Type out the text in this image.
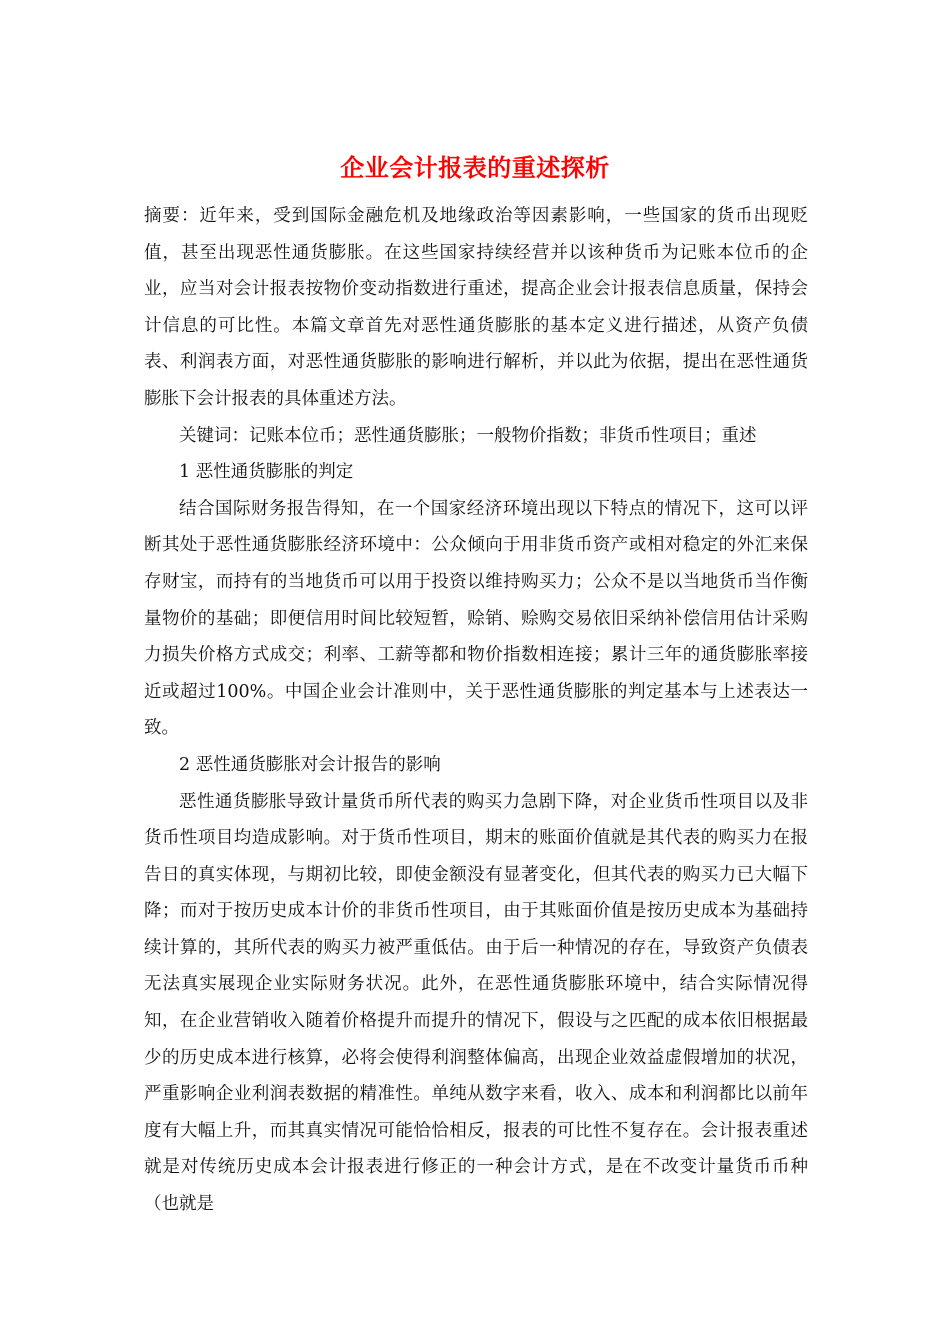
企业会计报表的重述探析

摘要：近年来，受到国际金融危机及地缘政治等因素影响，一些国家的货币出现贬值，甚至出现恶性通货膨胀。在这些国家持续经营并以该种货币为记账本位币的企业，应当对会计报表按物价变动指数进行重述，提高企业会计报表信息质量，保持会计信息的可比性。本篇文章首先对恶性通货膨胀的基本定义进行描述，从资产负债表、利润表方面，对恶性通货膨胀的影响进行解析，并以此为依据，提出在恶性通货膨胀下会计报表的具体重述方法。

关键词：记账本位币；恶性通货膨胀；一般物价指数；非货币性项目；重述

1 恶性通货膨胀的判定

结合国际财务报告得知，在一个国家经济环境出现以下特点的情况下，这可以评断其处于恶性通货膨胀经济环境中：公众倾向于用非货币资产或相对稳定的外汇来保存财宝，而持有的当地货币可以用于投资以维持购买力；公众不是以当地货币当作衡量物价的基础；即便信用时间比较短暂，赊销、赊购交易依旧采纳补偿信用估计采购力损失价格方式成交；利率、工薪等都和物价指数相连接；累计三年的通货膨胀率接近或超过100%。中国企业会计准则中，关于恶性通货膨胀的判定基本与上述表达一致。

2 恶性通货膨胀对会计报告的影响

恶性通货膨胀导致计量货币所代表的购买力急剧下降，对企业货币性项目以及非货币性项目均造成影响。对于货币性项目，期末的账面价值就是其代表的购买力在报告日的真实体现，与期初比较，即使金额没有显著变化，但其代表的购买力已大幅下降；而对于按历史成本计价的非货币性项目，由于其账面价值是按历史成本为基础持续计算的，其所代表的购买力被严重低估。由于后一种情况的存在，导致资产负债表无法真实展现企业实际财务状况。此外，在恶性通货膨胀环境中，结合实际情况得知，在企业营销收入随着价格提升而提升的情况下，假设与之匹配的成本依旧根据最少的历史成本进行核算，必将会使得利润整体偏高，出现企业效益虚假增加的状况，严重影响企业利润表数据的精准性。单纯从数字来看，收入、成本和利润都比以前年度有大幅上升，而其真实情况可能恰恰相反，报表的可比性不复存在。会计报表重述就是对传统历史成本会计报表进行修正的一种会计方式，是在不改变计量货币币种（也就是
